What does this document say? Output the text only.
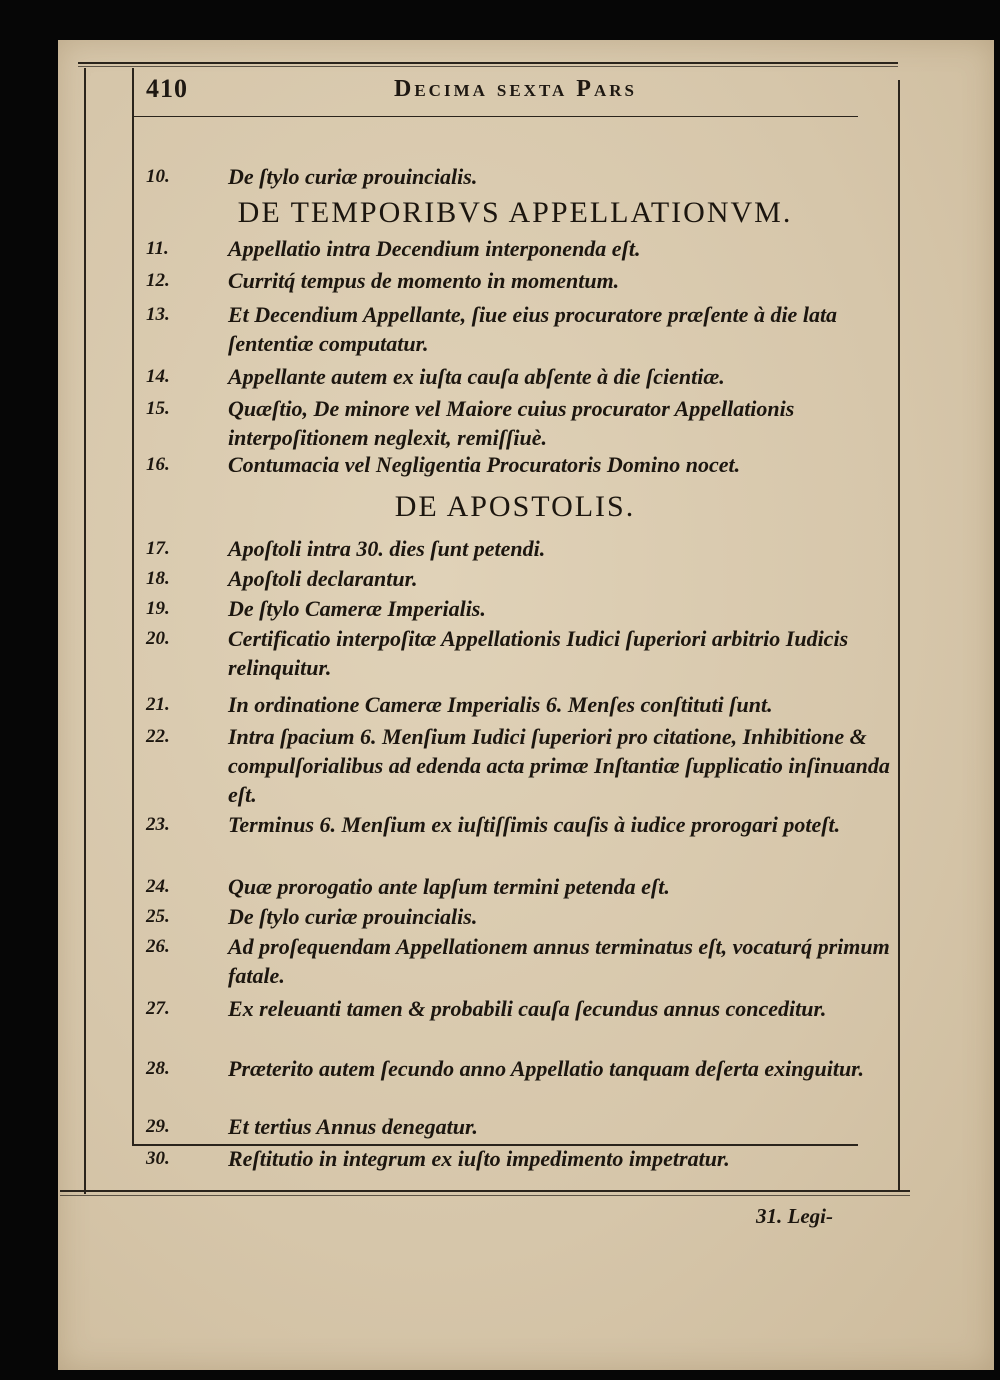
410	Decima sexta Pars
10.	De ſtylo curiæ prouincialis.
DE TEMPORIBVS APPELLATIONVM.
11.	Appellatio intra Decendium interponenda eſt.
12.	Curritq́ tempus de momento in momentum.
13.	Et Decendium Appellante, ſiue eius procuratore præſente à die lata ſententiæ computatur.
14.	Appellante autem ex iuſta cauſa abſente à die ſcientiæ.
15.	Quæſtio, De minore vel Maiore cuius procurator Appellationis interpoſitionem neglexit, remiſſiuè.
16.	Contumacia vel Negligentia Procuratoris Domino nocet.
DE APOSTOLIS.
17.	Apoſtoli intra 30. dies ſunt petendi.
18.	Apoſtoli declarantur.
19.	De ſtylo Cameræ Imperialis.
20.	Certificatio interpoſitæ Appellationis Iudici ſuperiori arbitrio Iudicis relinquitur.
21.	In ordinatione Cameræ Imperialis 6. Menſes conſtituti ſunt.
22.	Intra ſpacium 6. Menſium Iudici ſuperiori pro citatione, Inhibitione & compulſorialibus ad edenda acta primæ Inſtantiæ ſupplicatio inſinuanda eſt.
23.	Terminus 6. Menſium ex iuſtiſſimis cauſis à iudice prorogari poteſt.
24.	Quæ prorogatio ante lapſum termini petenda eſt.
25.	De ſtylo curiæ prouincialis.
26.	Ad proſequendam Appellationem annus terminatus eſt, vocaturq́ primum fatale.
27.	Ex releuanti tamen & probabili cauſa ſecundus annus conceditur.
28.	Præterito autem ſecundo anno Appellatio tanquam deſerta exinguitur.
29.	Et tertius Annus denegatur.
30.	Reſtitutio in integrum ex iuſto impedimento impetratur.
31. Legi-
